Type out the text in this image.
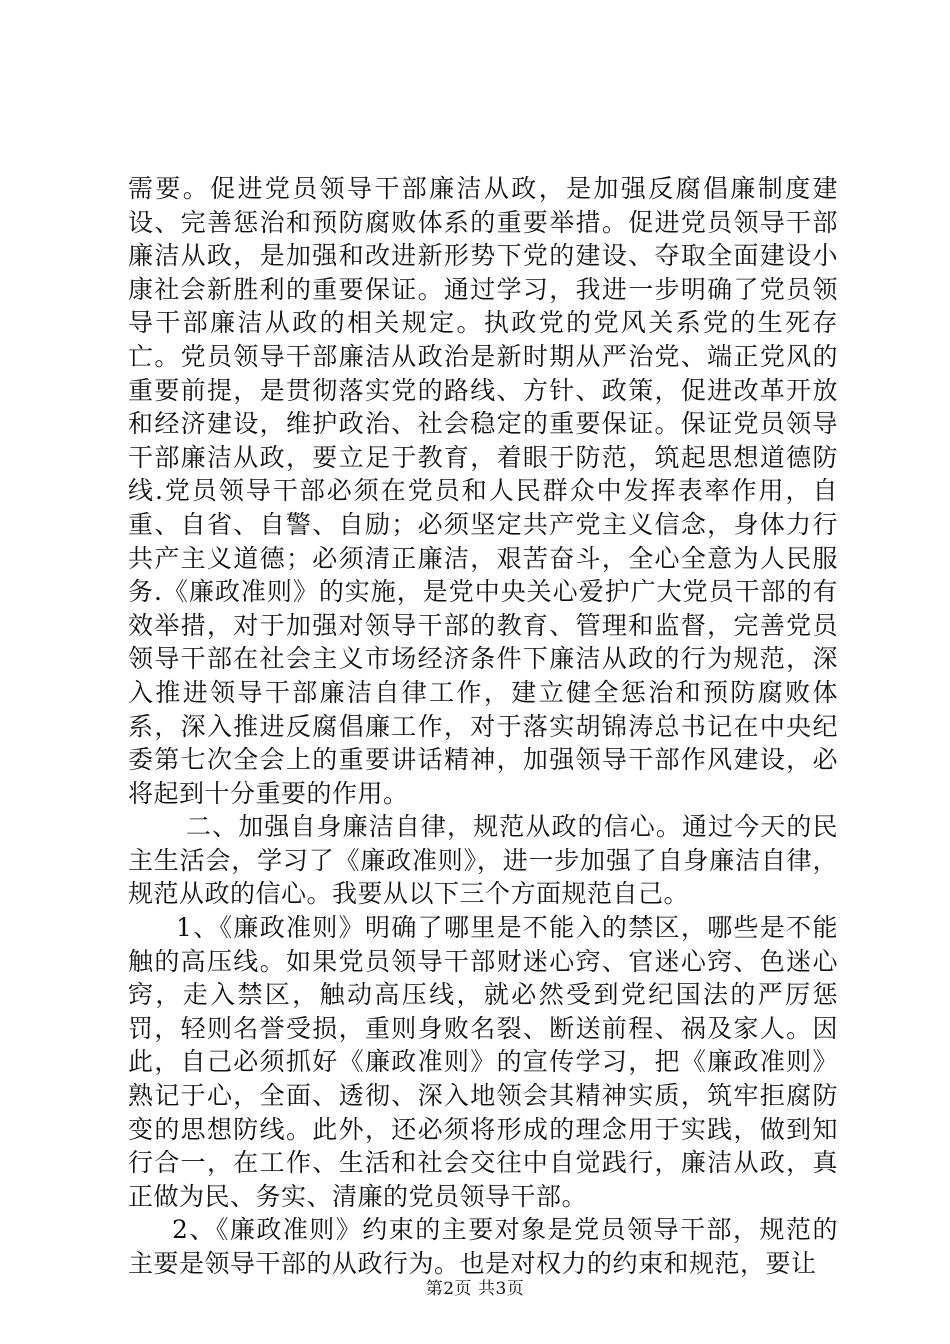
需要。促进党员领导干部廉洁从政，是加强反腐倡廉制度建设、完善惩治和预防腐败体系的重要举措。促进党员领导干部廉洁从政，是加强和改进新形势下党的建设、夺取全面建设小康社会新胜利的重要保证。通过学习，我进一步明确了党员领导干部廉洁从政的相关规定。执政党的党风关系党的生死存亡。党员领导干部廉洁从政治是新时期从严治党、端正党风的重要前提，是贯彻落实党的路线、方针、政策，促进改革开放和经济建设，维护政治、社会稳定的重要保证。保证党员领导干部廉洁从政，要立足于教育，着眼于防范，筑起思想道德防线.党员领导干部必须在党员和人民群众中发挥表率作用，自重、自省、自警、自励；必须坚定共产党主义信念，身体力行共产主义道德；必须清正廉洁，艰苦奋斗，全心全意为人民服务.《廉政准则》的实施，是党中央关心爱护广大党员干部的有效举措，对于加强对领导干部的教育、管理和监督，完善党员领导干部在社会主义市场经济条件下廉洁从政的行为规范，深入推进领导干部廉洁自律工作，建立健全惩治和预防腐败体系，深入推进反腐倡廉工作，对于落实胡锦涛总书记在中央纪委第七次全会上的重要讲话精神，加强领导干部作风建设，必将起到十分重要的作用。

二、加强自身廉洁自律，规范从政的信心。通过今天的民主生活会，学习了《廉政准则》，进一步加强了自身廉洁自律，规范从政的信心。我要从以下三个方面规范自己。

1、《廉政准则》明确了哪里是不能入的禁区，哪些是不能触的高压线。如果党员领导干部财迷心窍、官迷心窍、色迷心窍，走入禁区，触动高压线，就必然受到党纪国法的严厉惩罚，轻则名誉受损，重则身败名裂、断送前程、祸及家人。因此，自己必须抓好《廉政准则》的宣传学习，把《廉政准则》熟记于心，全面、透彻、深入地领会其精神实质，筑牢拒腐防变的思想防线。此外，还必须将形成的理念用于实践，做到知行合一，在工作、生活和社会交往中自觉践行，廉洁从政，真正做为民、务实、清廉的党员领导干部。

2、《廉政准则》约束的主要对象是党员领导干部，规范的主要是领导干部的从政行为。也是对权力的约束和规范，要让

第2页 共3页
